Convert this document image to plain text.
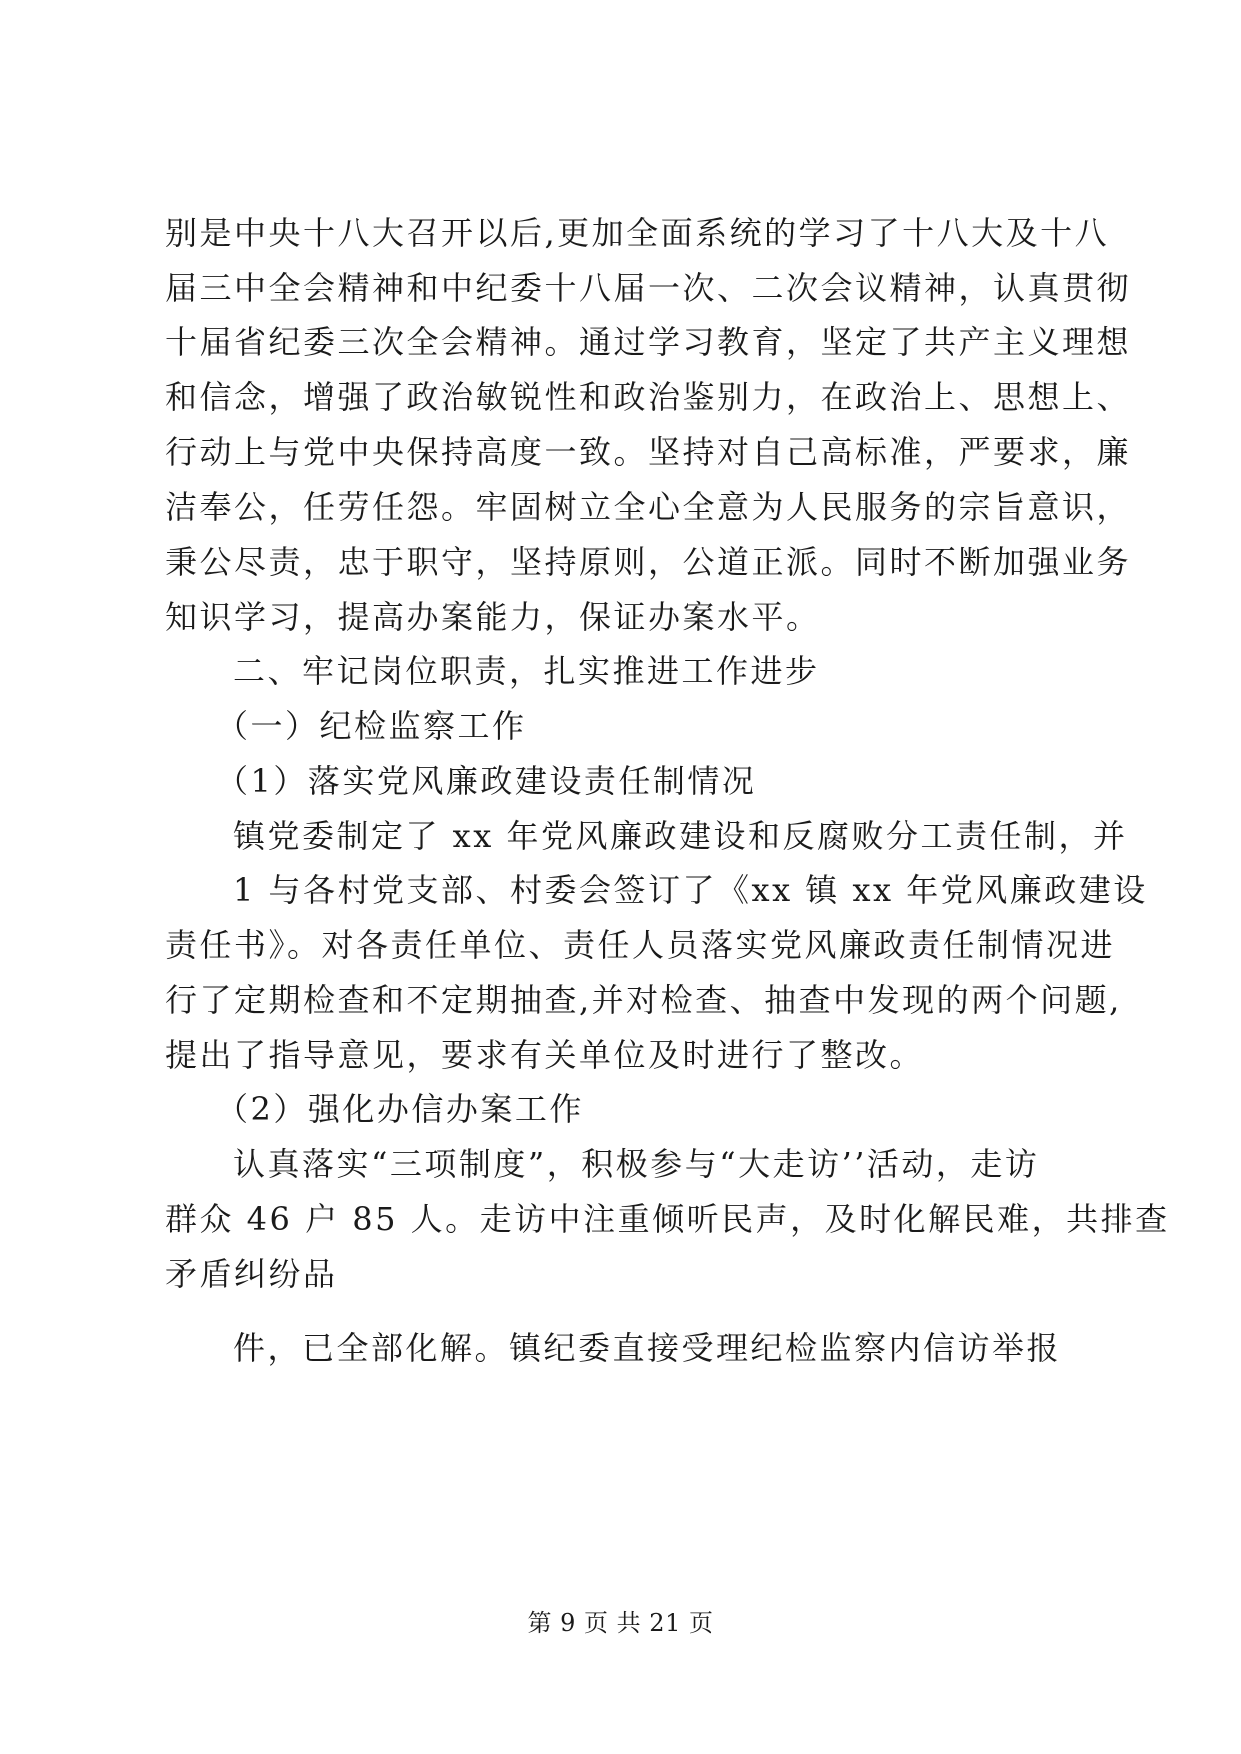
别是中央十八大召开以后,更加全面系统的学习了十八大及十八
届三中全会精神和中纪委十八届一次、二次会议精神，认真贯彻
十届省纪委三次全会精神。通过学习教育，坚定了共产主义理想
和信念，增强了政治敏锐性和政治鉴别力，在政治上、思想上、
行动上与党中央保持高度一致。坚持对自己高标准，严要求，廉
洁奉公，任劳任怨。牢固树立全心全意为人民服务的宗旨意识，
秉公尽责，忠于职守，坚持原则，公道正派。同时不断加强业务
知识学习，提高办案能力，保证办案水平。
二、牢记岗位职责，扎实推进工作进步
（一）纪检监察工作
（1）落实党风廉政建设责任制情况
镇党委制定了 xx 年党风廉政建设和反腐败分工责任制，并
1 与各村党支部、村委会签订了《xx 镇 xx 年党风廉政建设
责任书》。对各责任单位、责任人员落实党风廉政责任制情况进
行了定期检查和不定期抽查,并对检查、抽查中发现的两个问题,
提出了指导意见，要求有关单位及时进行了整改。
（2）强化办信办案工作
认真落实“三项制度”，积极参与“大走访’’活动，走访
群众 46 户 85 人。走访中注重倾听民声，及时化解民难，共排查
矛盾纠纷品
件，已全部化解。镇纪委直接受理纪检监察内信访举报
第 9 页 共 21 页
